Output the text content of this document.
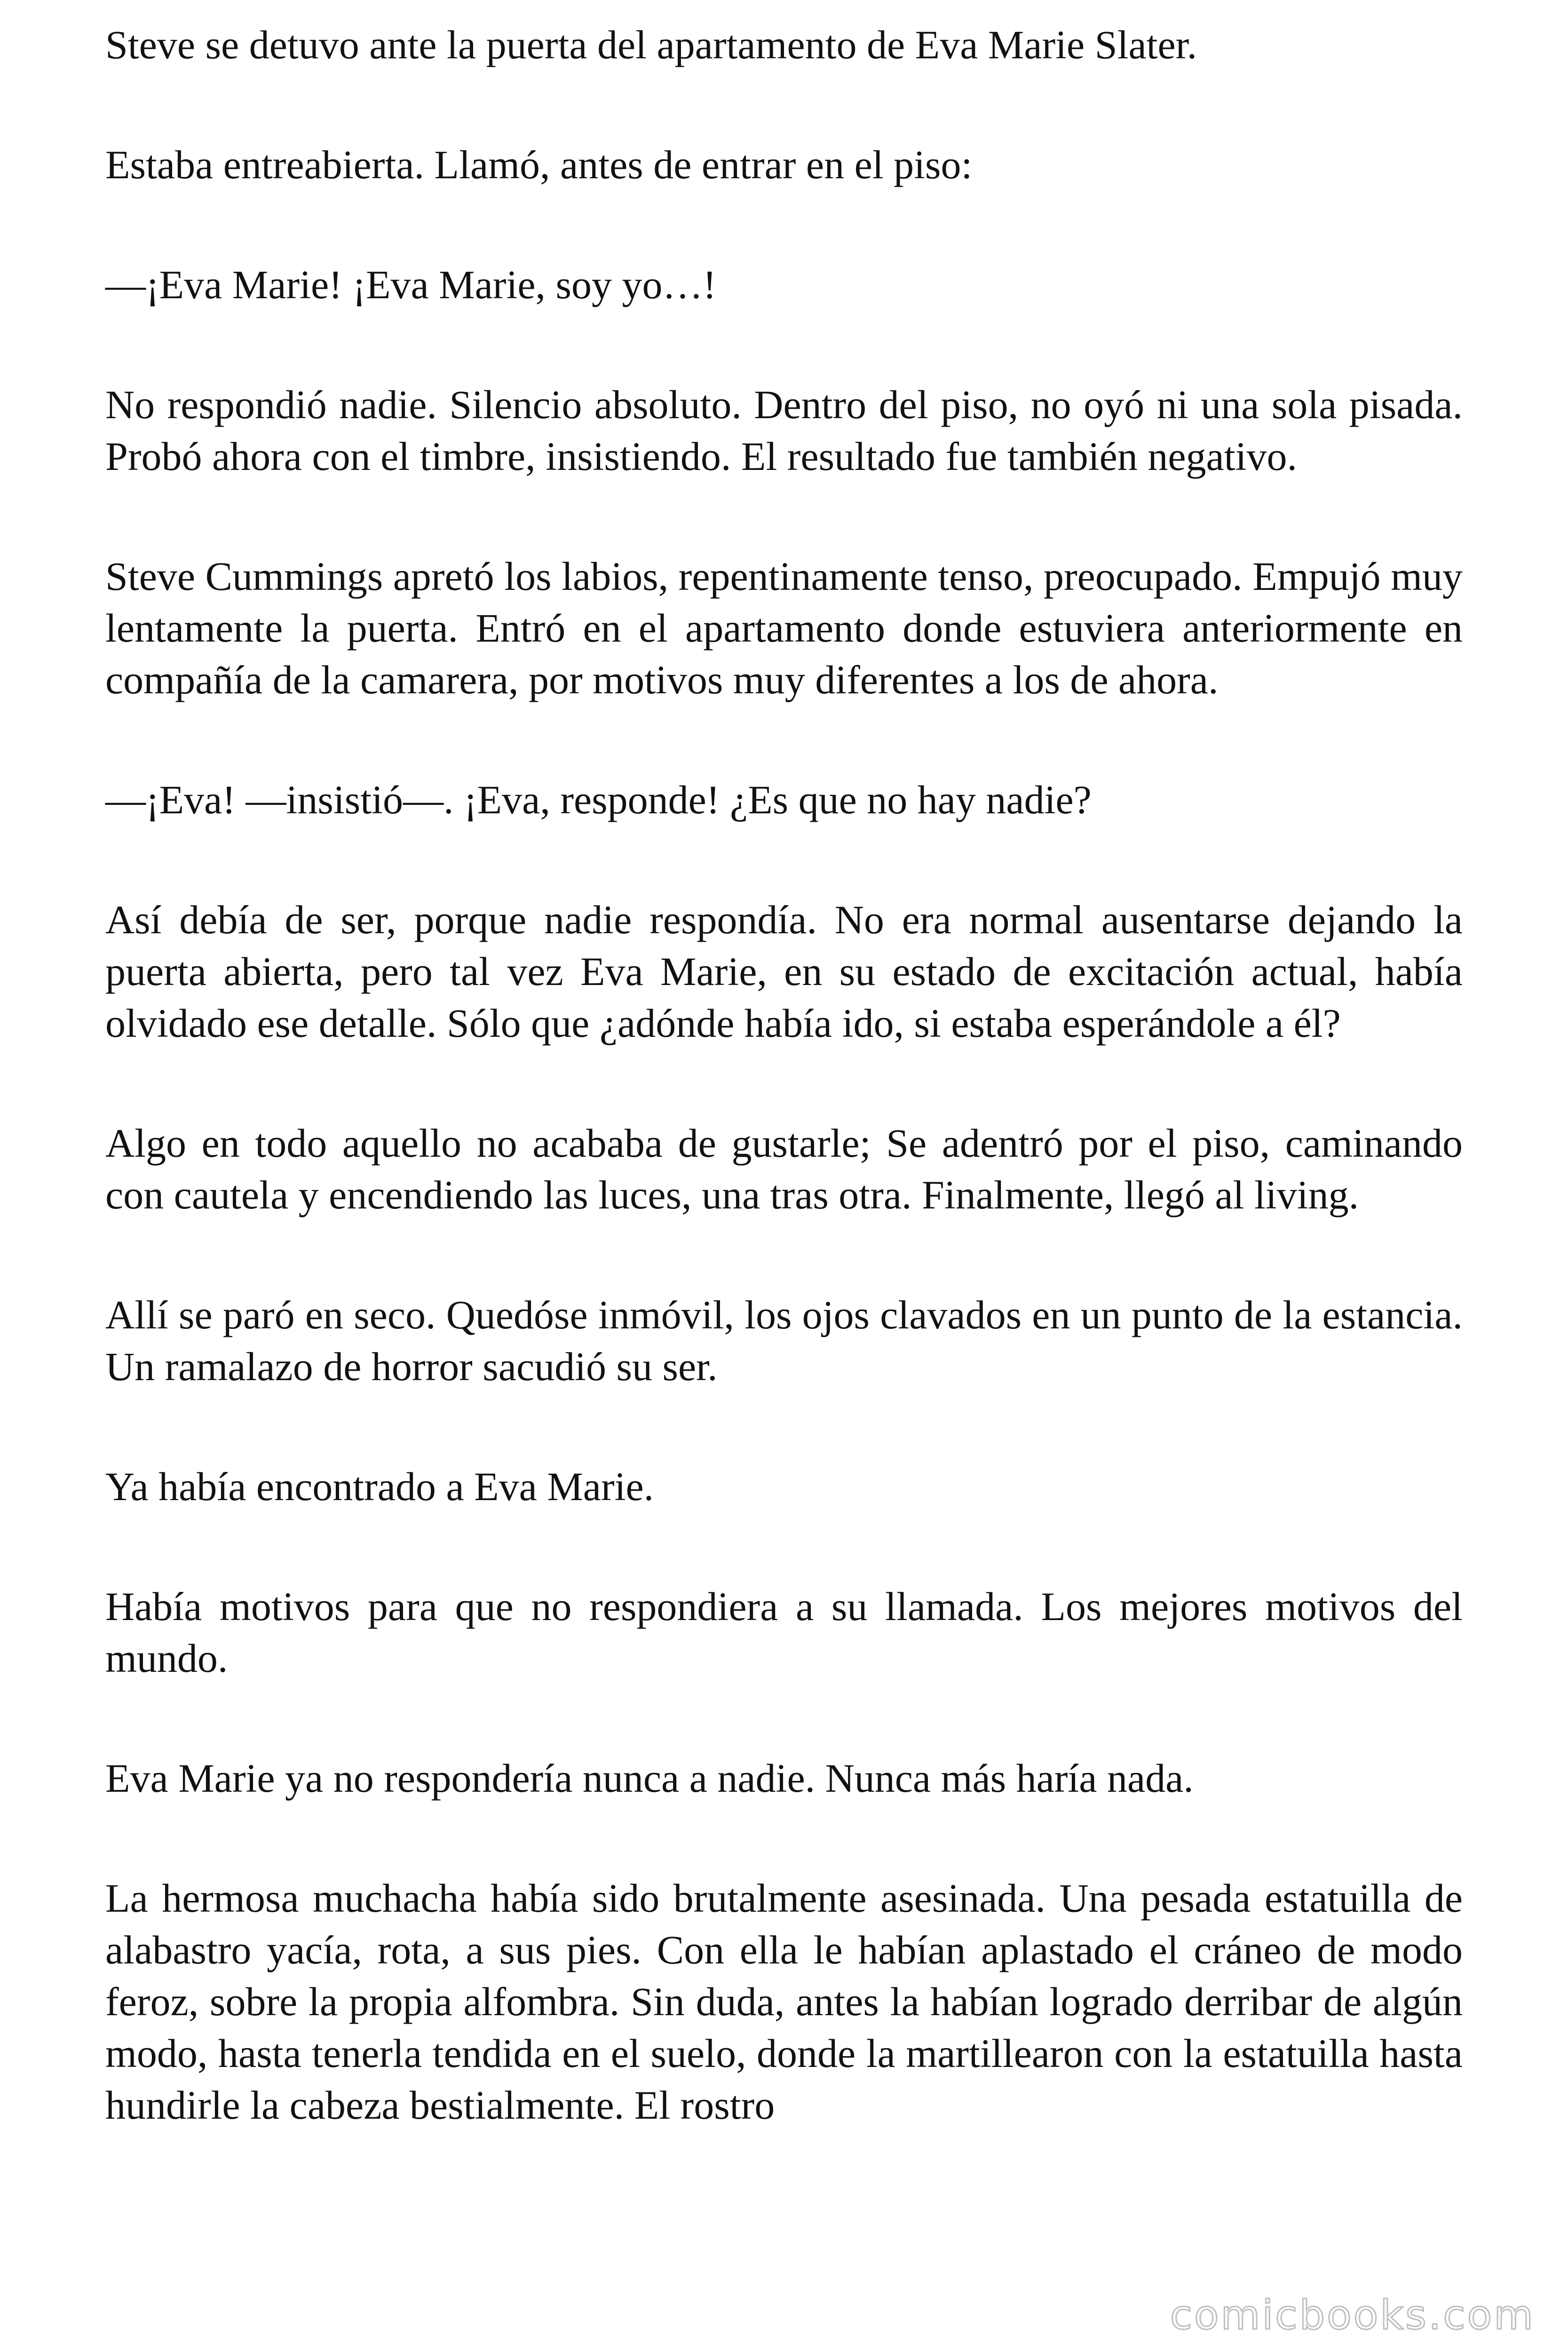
Steve se detuvo ante la puerta del apartamento de Eva Marie Slater.

Estaba entreabierta. Llamó, antes de entrar en el piso:

—¡Eva Marie! ¡Eva Marie, soy yo…!

No respondió nadie. Silencio absoluto. Dentro del piso, no oyó ni una sola pisada. Probó ahora con el timbre, insistiendo. El resultado fue también negativo.

Steve Cummings apretó los labios, repentinamente tenso, preocupado. Empujó muy lentamente la puerta. Entró en el apartamento donde estuviera anteriormente en compañía de la camarera, por motivos muy diferentes a los de ahora.

—¡Eva! —insistió—. ¡Eva, responde! ¿Es que no hay nadie?

Así debía de ser, porque nadie respondía. No era normal ausentarse dejando la puerta abierta, pero tal vez Eva Marie, en su estado de excitación actual, había olvidado ese detalle. Sólo que ¿adónde había ido, si estaba esperándole a él?

Algo en todo aquello no acababa de gustarle; Se adentró por el piso, caminando con cautela y encendiendo las luces, una tras otra. Finalmente, llegó al living.

Allí se paró en seco. Quedóse inmóvil, los ojos clavados en un punto de la estancia. Un ramalazo de horror sacudió su ser.

Ya había encontrado a Eva Marie.

Había motivos para que no respondiera a su llamada. Los mejores motivos del mundo.

Eva Marie ya no respondería nunca a nadie. Nunca más haría nada.

La hermosa muchacha había sido brutalmente asesinada. Una pesada estatuilla de alabastro yacía, rota, a sus pies. Con ella le habían aplastado el cráneo de modo feroz, sobre la propia alfombra. Sin duda, antes la habían logrado derribar de algún modo, hasta tenerla tendida en el suelo, donde la martillearon con la estatuilla hasta hundirle la cabeza bestialmente. El rostro

comicbooks.com
